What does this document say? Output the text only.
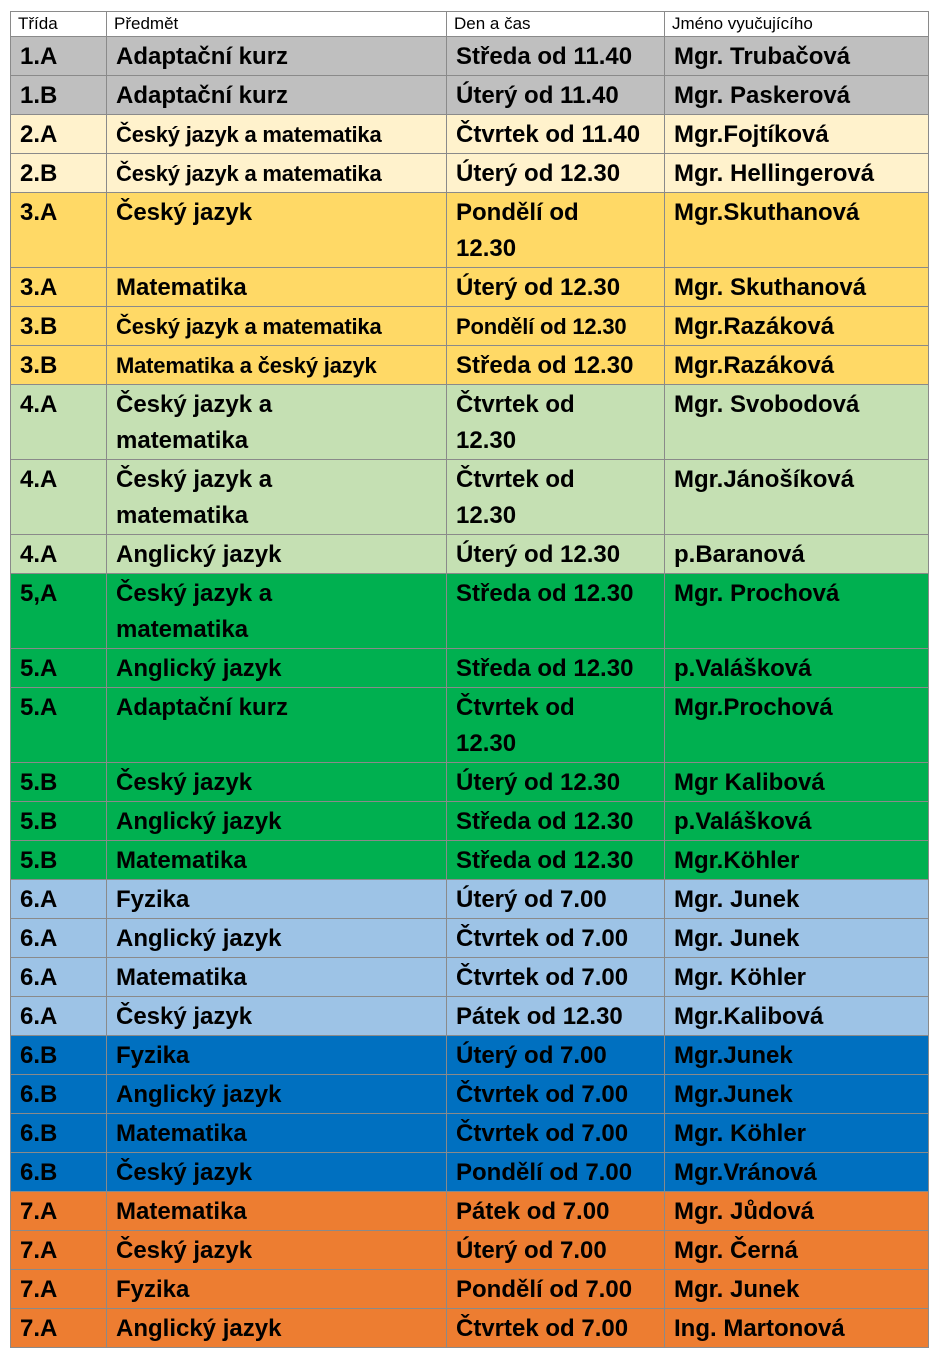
Třída	Předmět	Den a čas	Jméno vyučujícího
1.A	Adaptační kurz	Středa od 11.40	Mgr. Trubačová
1.B	Adaptační kurz	Úterý od 11.40	Mgr. Paskerová
2.A	Český jazyk a matematika	Čtvrtek od 11.40	Mgr.Fojtíková
2.B	Český jazyk a matematika	Úterý od 12.30	Mgr. Hellingerová
3.A	Český jazyk	Pondělí od 12.30	Mgr.Skuthanová
3.A	Matematika	Úterý od 12.30	Mgr. Skuthanová
3.B	Český jazyk a matematika	Pondělí od 12.30	Mgr.Razáková
3.B	Matematika a český jazyk	Středa od 12.30	Mgr.Razáková
4.A	Český jazyk a matematika	Čtvrtek od 12.30	Mgr. Svobodová
4.A	Český jazyk a matematika	Čtvrtek od 12.30	Mgr.Jánošíková
4.A	Anglický jazyk	Úterý od 12.30	p.Baranová
5,A	Český jazyk a matematika	Středa od 12.30	Mgr. Prochová
5.A	Anglický jazyk	Středa od 12.30	p.Valášková
5.A	Adaptační kurz	Čtvrtek od 12.30	Mgr.Prochová
5.B	Český jazyk	Úterý od 12.30	Mgr Kalibová
5.B	Anglický jazyk	Středa od 12.30	p.Valášková
5.B	Matematika	Středa od 12.30	Mgr.Köhler
6.A	Fyzika	Úterý od 7.00	Mgr. Junek
6.A	Anglický jazyk	Čtvrtek od 7.00	Mgr. Junek
6.A	Matematika	Čtvrtek od 7.00	Mgr. Köhler
6.A	Český jazyk	Pátek od 12.30	Mgr.Kalibová
6.B	Fyzika	Úterý od 7.00	Mgr.Junek
6.B	Anglický jazyk	Čtvrtek od 7.00	Mgr.Junek
6.B	Matematika	Čtvrtek od 7.00	Mgr. Köhler
6.B	Český jazyk	Pondělí od 7.00	Mgr.Vránová
7.A	Matematika	Pátek od 7.00	Mgr. Jůdová
7.A	Český jazyk	Úterý od 7.00	Mgr. Černá
7.A	Fyzika	Pondělí od 7.00	Mgr. Junek
7.A	Anglický jazyk	Čtvrtek od 7.00	Ing. Martonová
